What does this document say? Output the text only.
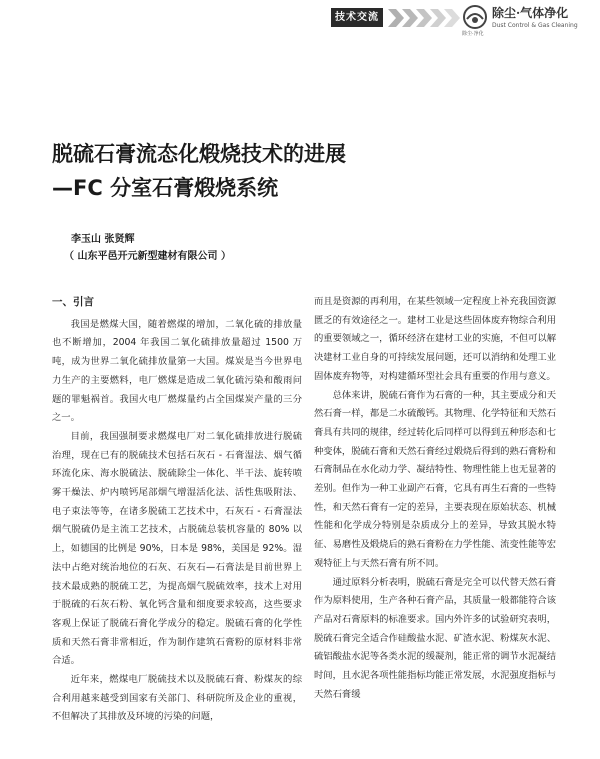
技术交流	除尘·气体净化
Dust Control & Gas Cleaning
除尘·净化
脱硫石膏流态化煅烧技术的进展
—FC 分室石膏煅烧系统
李玉山 张贤辉
（ 山东平邑开元新型建材有限公司 ）
一、引言

我国是燃煤大国，随着燃煤的增加，二氧化硫的排放量也不断增加，2004 年我国二氧化硫排放量超过 1500 万吨，成为世界二氧化硫排放量第一大国。煤炭是当今世界电力生产的主要燃料，电厂燃煤是造成二氧化硫污染和酸雨问题的罪魁祸首。我国火电厂燃煤量约占全国煤炭产量的三分之一。

目前，我国强制要求燃煤电厂对二氧化硫排放进行脱硫治理，现在已有的脱硫技术包括石灰石 - 石膏湿法、烟气循环流化床、海水脱硫法、脱硫除尘一体化、半干法、旋转喷雾干燥法、炉内喷钙尾部烟气增湿活化法、活性焦吸附法、电子束法等等，在诸多脱硫工艺技术中，石灰石 - 石膏湿法烟气脱硫仍是主流工艺技术，占脱硫总装机容量的 80% 以上，如德国的比例是 90%，日本是 98%，美国是 92%。湿法中占绝对统治地位的石灰、石灰石—石膏法是目前世界上技术最成熟的脱硫工艺，为提高烟气脱硫效率，技术上对用于脱硫的石灰石粉、氧化钙含量和细度要求较高，这些要求客观上保证了脱硫石膏化学成分的稳定。脱硫石膏的化学性质和天然石膏非常相近，作为制作建筑石膏粉的原材料非常合适。

近年来，燃煤电厂脱硫技术以及脱硫石膏、粉煤灰的综合利用越来越受到国家有关部门、科研院所及企业的重视，不但解决了其排放及环境的污染的问题，

而且是资源的再利用，在某些领域一定程度上补充我国资源匮乏的有效途径之一。建材工业是这些固体废弃物综合利用的重要领域之一，循环经济在建材工业的实施，不但可以解决建材工业自身的可持续发展问题，还可以消纳和处理工业固体废弃物等，对构建循环型社会具有重要的作用与意义。

总体来讲，脱硫石膏作为石膏的一种，其主要成分和天然石膏一样，都是二水硫酸钙。其物理、化学特征和天然石膏具有共同的规律，经过转化后同样可以得到五种形态和七种变体，脱硫石膏和天然石膏经过煅烧后得到的熟石膏粉和石膏制品在水化动力学、凝结特性、物理性能上也无显著的差别。但作为一种工业副产石膏，它具有再生石膏的一些特性，和天然石膏有一定的差异，主要表现在原始状态、机械性能和化学成分特别是杂质成分上的差异，导致其脱水特征、易磨性及煅烧后的熟石膏粉在力学性能、流变性能等宏观特征上与天然石膏有所不同。

通过原料分析表明，脱硫石膏是完全可以代替天然石膏作为原料使用，生产各种石膏产品，其质量一般都能符合该产品对石膏原料的标准要求。国内外许多的试验研究表明，脱硫石膏完全适合作硅酸盐水泥、矿渣水泥、粉煤灰水泥、硫铝酸盐水泥等各类水泥的缓凝剂，能正常的调节水泥凝结时间，且水泥各项性能指标均能正常发展，水泥强度指标与天然石膏缓
